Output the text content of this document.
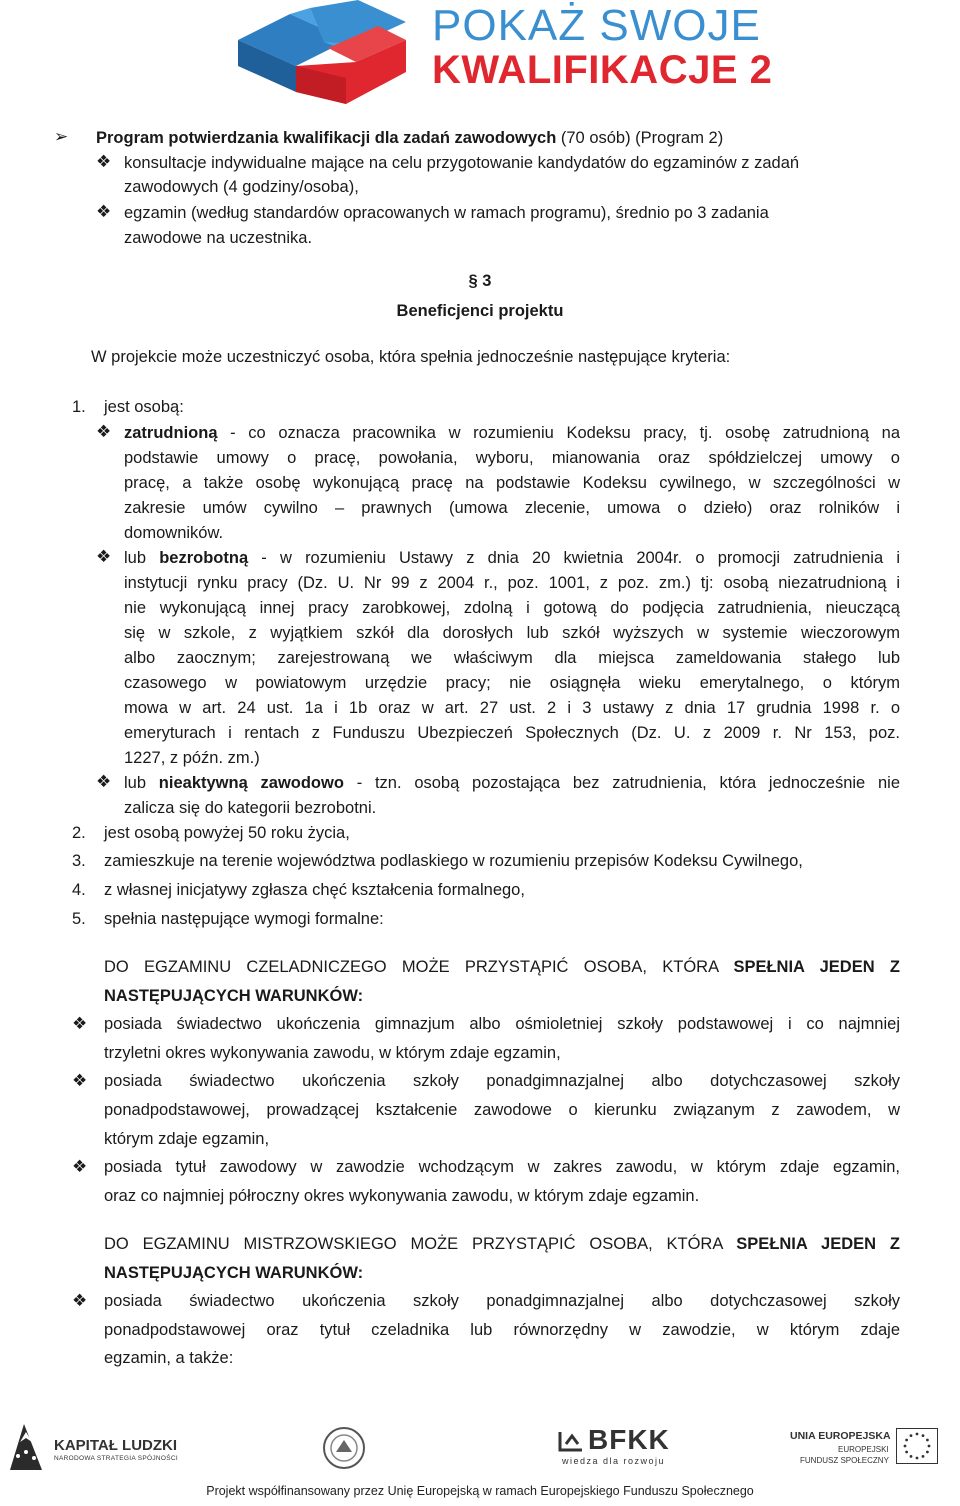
POKAŻ SWOJE
KWALIFIKACJE 2
➢ Program potwierdzania kwalifikacji dla zadań zawodowych (70 osób) (Program 2)
❖ konsultacje indywidualne mające na celu przygotowanie kandydatów do egzaminów z zadań
zawodowych (4 godziny/osoba),
❖ egzamin (według standardów opracowanych w ramach programu), średnio po 3 zadania
zawodowe na uczestnika.
§ 3
Beneficjenci projektu
W projekcie może uczestniczyć osoba, która spełnia jednocześnie następujące kryteria:
1. jest osobą:
❖ zatrudnioną - co oznacza pracownika w rozumieniu Kodeksu pracy, tj. osobę zatrudnioną na
podstawie umowy o pracę, powołania, wyboru, mianowania oraz spółdzielczej umowy o
pracę, a także osobę wykonującą pracę na podstawie Kodeksu cywilnego, w szczególności w
zakresie umów cywilno – prawnych (umowa zlecenie, umowa o dzieło) oraz rolników i
domowników.
❖ lub bezrobotną - w rozumieniu Ustawy z dnia 20 kwietnia 2004r. o promocji zatrudnienia i
instytucji rynku pracy (Dz. U. Nr 99 z 2004 r., poz. 1001, z poz. zm.) tj: osobą niezatrudnioną i
nie wykonującą innej pracy zarobkowej, zdolną i gotową do podjęcia zatrudnienia, nieuczącą
się w szkole, z wyjątkiem szkół dla dorosłych lub szkół wyższych w systemie wieczorowym
albo zaocznym; zarejestrowaną we właściwym dla miejsca zameldowania stałego lub
czasowego w powiatowym urzędzie pracy; nie osiągnęła wieku emerytalnego, o którym
mowa w art. 24 ust. 1a i 1b oraz w art. 27 ust. 2 i 3 ustawy z dnia 17 grudnia 1998 r. o
emeryturach i rentach z Funduszu Ubezpieczeń Społecznych (Dz. U. z 2009 r. Nr 153, poz.
1227, z późn. zm.)
❖ lub nieaktywną zawodowo - tzn. osobą pozostająca bez zatrudnienia, która jednocześnie nie
zalicza się do kategorii bezrobotni.
2. jest osobą powyżej 50 roku życia,
3. zamieszkuje na terenie województwa podlaskiego w rozumieniu przepisów Kodeksu Cywilnego,
4. z własnej inicjatywy zgłasza chęć kształcenia formalnego,
5. spełnia następujące wymogi formalne:
DO EGZAMINU CZELADNICZEGO MOŻE PRZYSTĄPIĆ OSOBA, KTÓRA SPEŁNIA JEDEN Z
NASTĘPUJĄCYCH WARUNKÓW:
❖ posiada świadectwo ukończenia gimnazjum albo ośmioletniej szkoły podstawowej i co najmniej
trzyletni okres wykonywania zawodu, w którym zdaje egzamin,
❖ posiada świadectwo ukończenia szkoły ponadgimnazjalnej albo dotychczasowej szkoły
ponadpodstawowej, prowadzącej kształcenie zawodowe o kierunku związanym z zawodem, w
którym zdaje egzamin,
❖ posiada tytuł zawodowy w zawodzie wchodzącym w zakres zawodu, w którym zdaje egzamin,
oraz co najmniej półroczny okres wykonywania zawodu, w którym zdaje egzamin.
DO EGZAMINU MISTRZOWSKIEGO MOŻE PRZYSTĄPIĆ OSOBA, KTÓRA SPEŁNIA JEDEN Z
NASTĘPUJĄCYCH WARUNKÓW:
❖ posiada świadectwo ukończenia szkoły ponadgimnazjalnej albo dotychczasowej szkoły
ponadpodstawowej oraz tytuł czeladnika lub równorzędny w zawodzie, w którym zdaje
egzamin, a także:
KAPITAŁ LUDZKI
NARODOWA STRATEGIA SPÓJNOŚCI
BFKK
wiedza dla rozwoju
UNIA EUROPEJSKA
EUROPEJSKI
FUNDUSZ SPOŁECZNY
Projekt współfinansowany przez Unię Europejską w ramach Europejskiego Funduszu Społecznego
